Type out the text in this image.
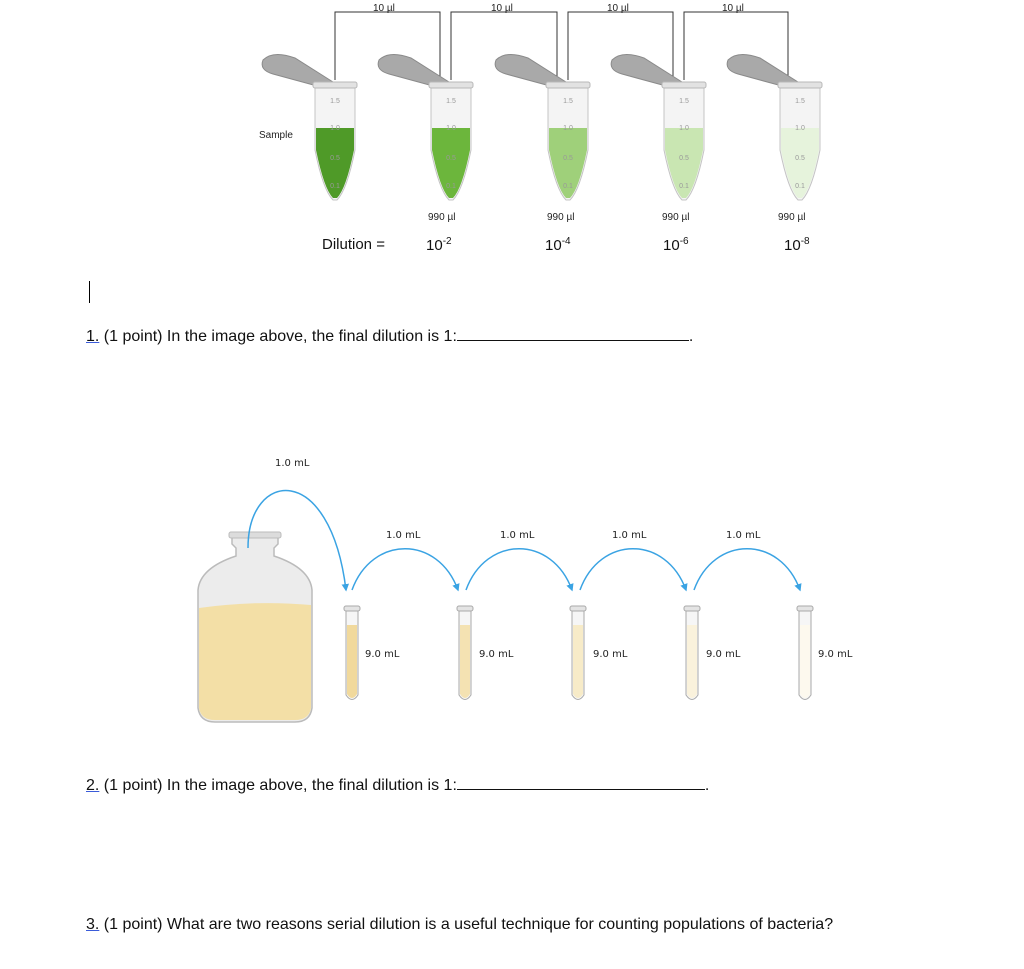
1.5
1.0
0.5
0.1
1.5
1.0
0.5
0.1
1.5
1.0
0.5
0.1
1.5
1.0
0.5
0.1
1.5
1.0
0.5
0.1
10 µl	10 µl	10 µl	10 µl
Sample
990 µl	990 µl	990 µl	990 µl
Dilution =	$10^{-2}$	$10^{-4}$	$10^{-6}$	$10^{-8}$
1. (1 point) In the image above, the final dilution is 1:	.
1.0 mL
1.0 mL	1.0 mL	1.0 mL	1.0 mL
9.0 mL	9.0 mL	9.0 mL	9.0 mL	9.0 mL
2. (1 point) In the image above, the final dilution is 1:	.
3. (1 point) What are two reasons serial dilution is a useful technique for counting populations of bacteria?
